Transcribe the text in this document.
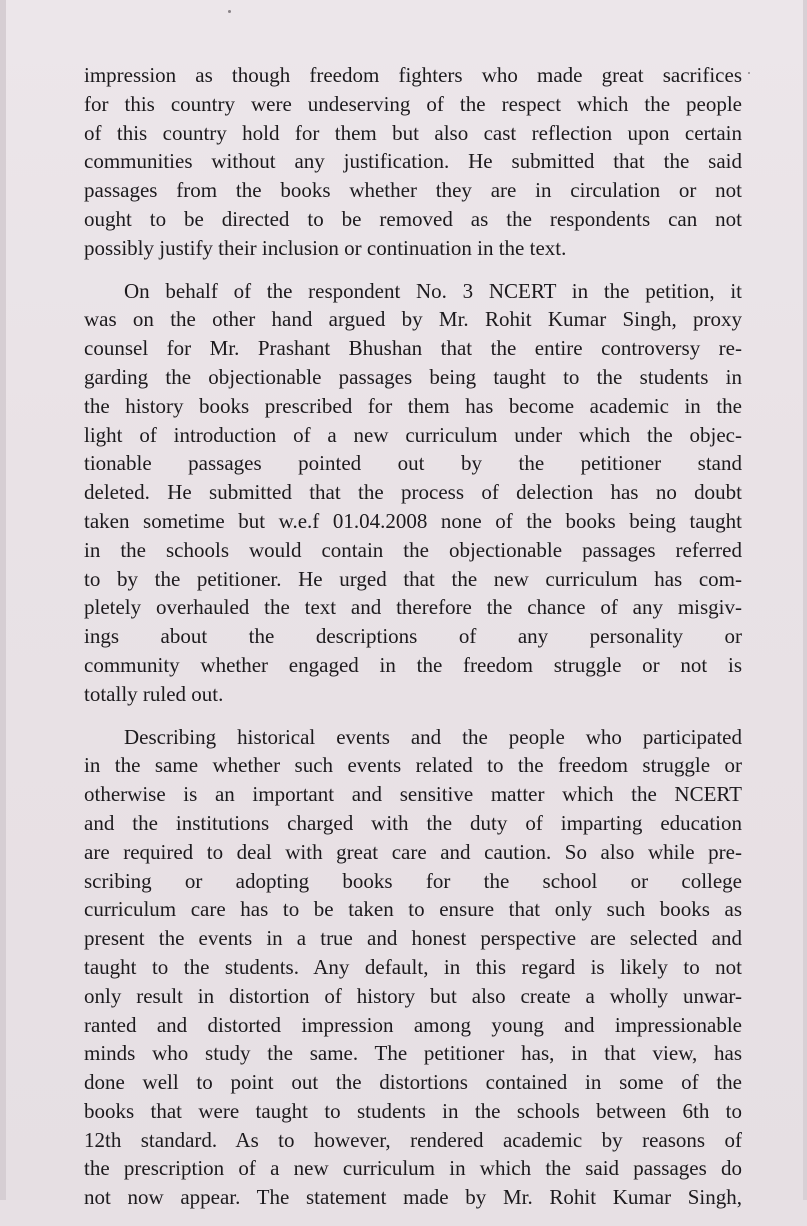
impression as though freedom fighters who made great sacrifices
for this country were undeserving of the respect which the people
of this country hold for them but also cast reflection upon certain
communities without any justification. He submitted that the said
passages from the books whether they are in circulation or not
ought to be directed to be removed as the respondents can not
possibly justify their inclusion or continuation in the text.

On behalf of the respondent No. 3 NCERT in the petition, it
was on the other hand argued by Mr. Rohit Kumar Singh, proxy
counsel for Mr. Prashant Bhushan that the entire controversy re-
garding the objectionable passages being taught to the students in
the history books prescribed for them has become academic in the
light of introduction of a new curriculum under which the objec-
tionable passages pointed out by the petitioner stand
deleted. He submitted that the process of delection has no doubt
taken sometime but w.e.f 01.04.2008 none of the books being taught
in the schools would contain the objectionable passages referred
to by the petitioner. He urged that the new curriculum has com-
pletely overhauled the text and therefore the chance of any misgiv-
ings about the descriptions of any personality or
community whether engaged in the freedom struggle or not is
totally ruled out.

Describing historical events and the people who participated
in the same whether such events related to the freedom struggle or
otherwise is an important and sensitive matter which the NCERT
and the institutions charged with the duty of imparting education
are required to deal with great care and caution. So also while pre-
scribing or adopting books for the school or college
curriculum care has to be taken to ensure that only such books as
present the events in a true and honest perspective are selected and
taught to the students. Any default, in this regard is likely to not
only result in distortion of history but also create a wholly unwar-
ranted and distorted impression among young and impressionable
minds who study the same. The petitioner has, in that view, has
done well to point out the distortions contained in some of the
books that were taught to students in the schools between 6th to
12th standard. As to however, rendered academic by reasons of
the prescription of a new curriculum in which the said passages do
not now appear. The statement made by Mr. Rohit Kumar Singh,
